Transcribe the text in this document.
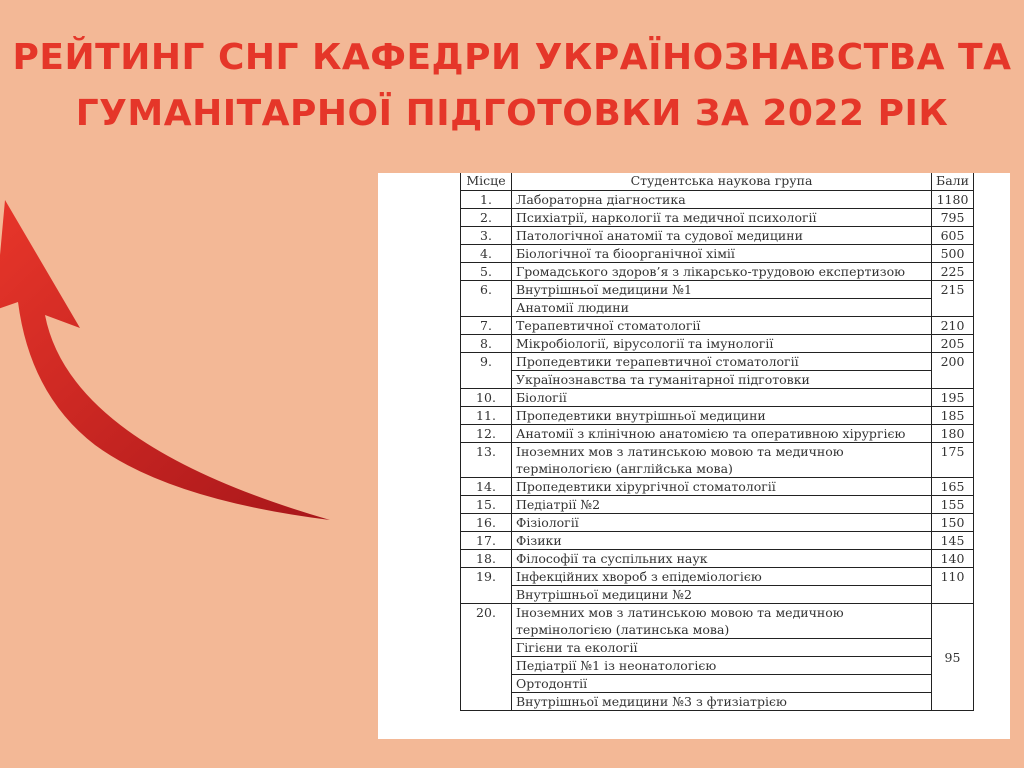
РЕЙТИНГ СНГ КАФЕДРИ УКРАЇНОЗНАВСТВА ТА
ГУМАНІТАРНОЇ ПІДГОТОВКИ ЗА 2022 РІК
Місце	Студентська наукова група	Бали
1.	Лабораторна діагностика	1180
2.	Психіатрії, наркології та медичної психології	795
3.	Патологічної анатомії та судової медицини	605
4.	Біологічної та біоорганічної хімії	500
5.	Громадського здоров’я з лікарсько-трудовою експертизою	225
6.	Внутрішньої медицини №1	215
	Анатомії людини	
7.	Терапевтичної стоматології	210
8.	Мікробіології, вірусології та імунології	205
9.	Пропедевтики терапевтичної стоматології	200
	Українознавства та гуманітарної підготовки	
10.	Біології	195
11.	Пропедевтики внутрішньої медицини	185
12.	Анатомії з клінічною анатомією та оперативною хірургією	180
13.	Іноземних мов з латинською мовою та медичною термінологією (англійська мова)	175
14.	Пропедевтики хірургічної стоматології	165
15.	Педіатрії №2	155
16.	Фізіології	150
17.	Фізики	145
18.	Філософії та суспільних наук	140
19.	Інфекційних хвороб з епідеміологією	110
	Внутрішньої медицини №2	
20.	Іноземних мов з латинською мовою та медичною термінологією (латинська мова)	95
	Гігієни та екології	
	Педіатрії №1 із неонатологією	
	Ортодонтії	
	Внутрішньої медицини №3 з фтизіатрією	
